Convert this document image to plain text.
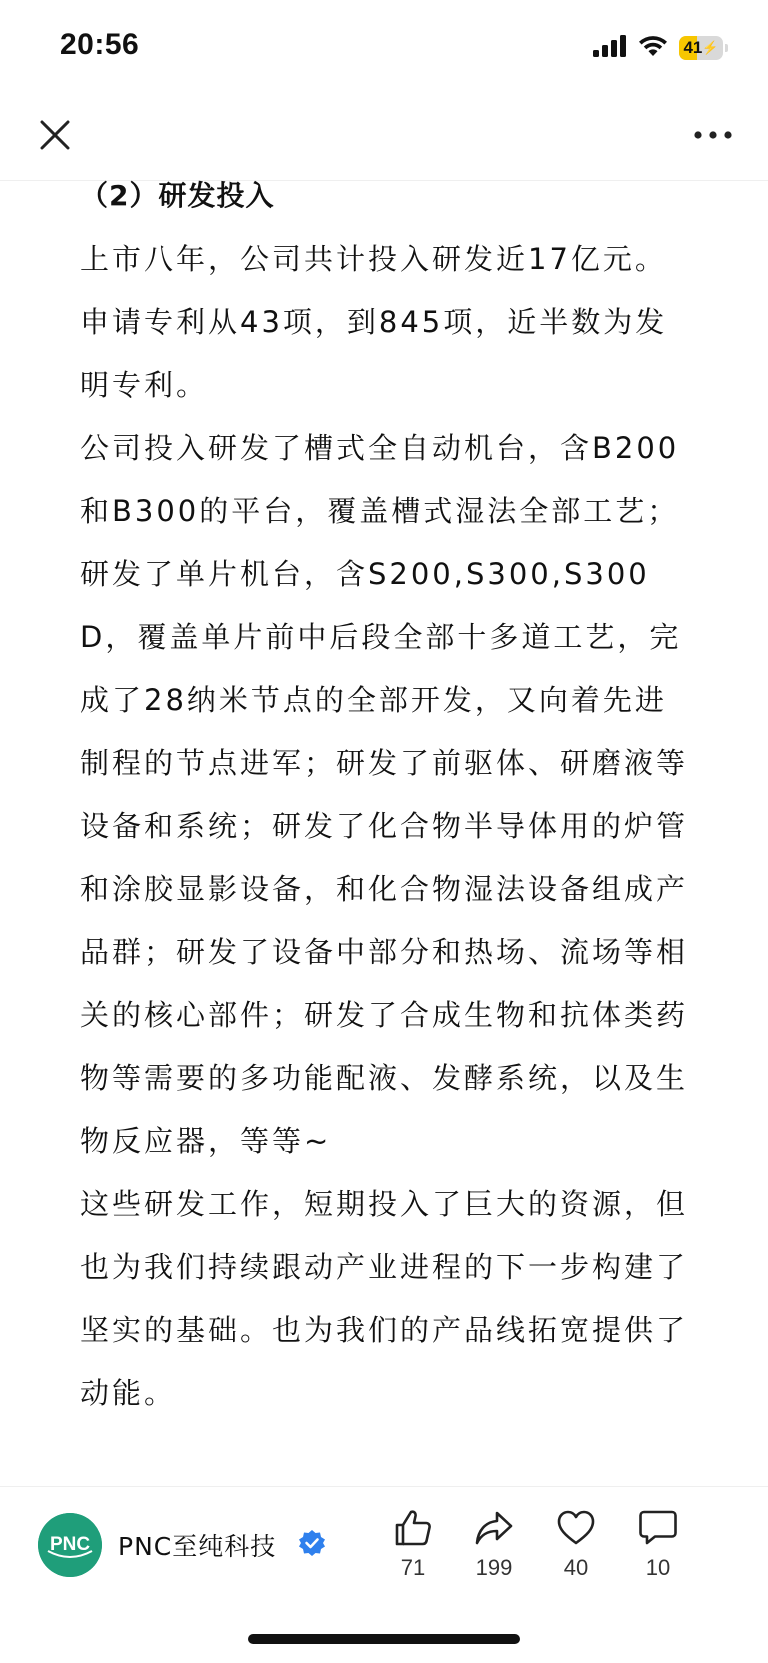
20:56	41 ⚡
（2）研发投入

上市八年，公司共计投入研发近17亿元。申请专利从43项，到845项，近半数为发明专利。

公司投入研发了槽式全自动机台，含B200和B300的平台，覆盖槽式湿法全部工艺；研发了单片机台，含S200,S300,S300D，覆盖单片前中后段全部十多道工艺，完成了28纳米节点的全部开发，又向着先进制程的节点进军；研发了前驱体、研磨液等设备和系统；研发了化合物半导体用的炉管和涂胶显影设备，和化合物湿法设备组成产品群；研发了设备中部分和热场、流场等相关的核心部件；研发了合成生物和抗体类药物等需要的多功能配液、发酵系统，以及生物反应器，等等~

这些研发工作，短期投入了巨大的资源，但也为我们持续跟动产业进程的下一步构建了坚实的基础。也为我们的产品线拓宽提供了动能。

PNC PNC至纯科技
71 199 40	10
